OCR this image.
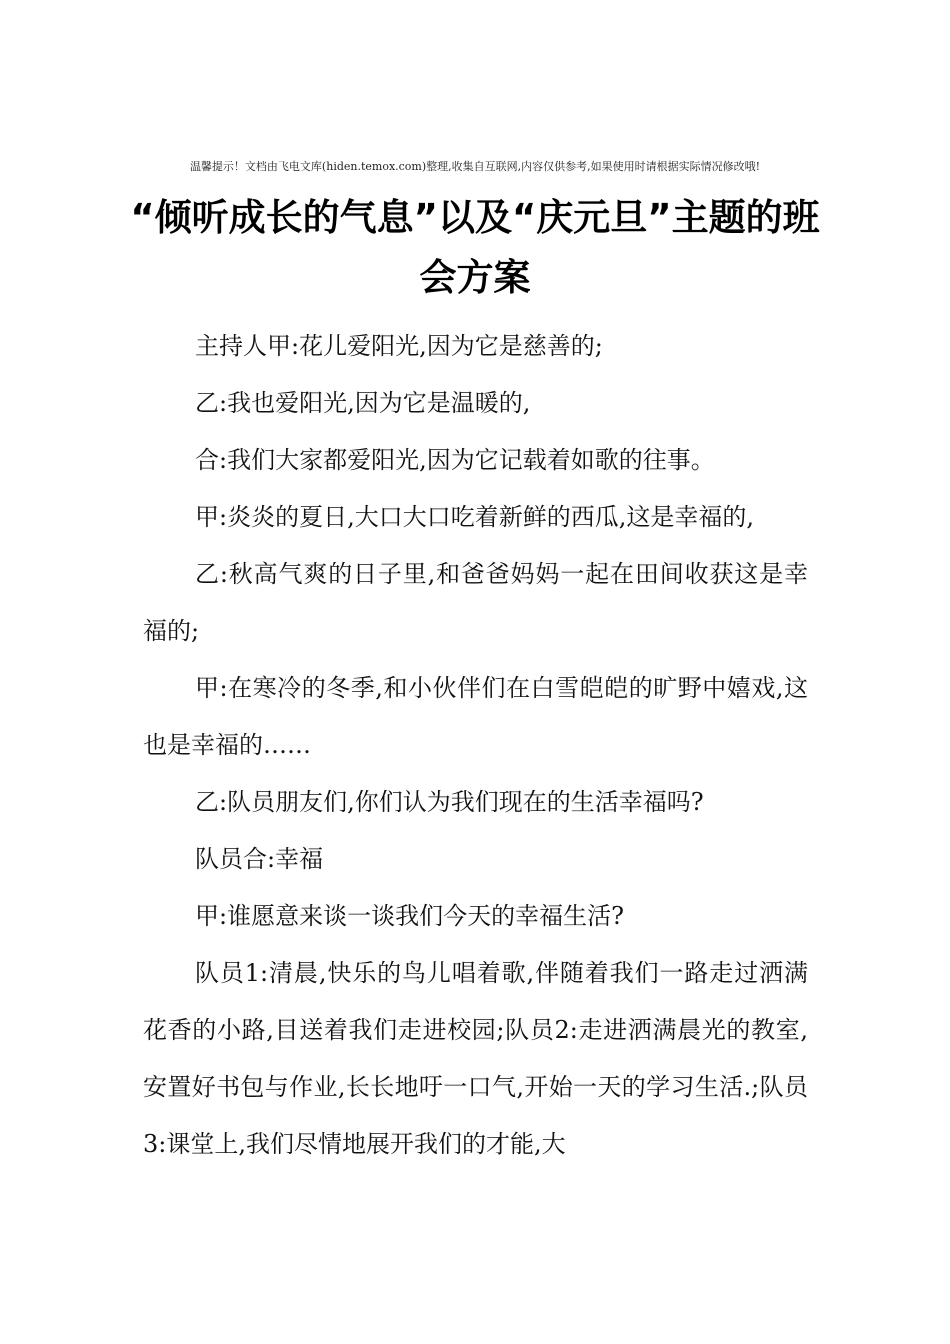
温馨提示！文档由飞电文库(hiden.temox.com)整理,收集自互联网,内容仅供参考,如果使用时请根据实际情况修改哦!
“倾听成长的气息”以及“庆元旦”主题的班会方案

主持人甲:花儿爱阳光,因为它是慈善的;

乙:我也爱阳光,因为它是温暖的,

合:我们大家都爱阳光,因为它记载着如歌的往事。

甲:炎炎的夏日,大口大口吃着新鲜的西瓜,这是幸福的,

乙:秋高气爽的日子里,和爸爸妈妈一起在田间收获这是幸福的;

甲:在寒冷的冬季,和小伙伴们在白雪皑皑的旷野中嬉戏,这也是幸福的……

乙:队员朋友们,你们认为我们现在的生活幸福吗?

队员合:幸福

甲:谁愿意来谈一谈我们今天的幸福生活?

队员1:清晨,快乐的鸟儿唱着歌,伴随着我们一路走过洒满花香的小路,目送着我们走进校园;队员2:走进洒满晨光的教室,安置好书包与作业,长长地吁一口气,开始一天的学习生活.;队员3:课堂上,我们尽情地展开我们的才能,大
